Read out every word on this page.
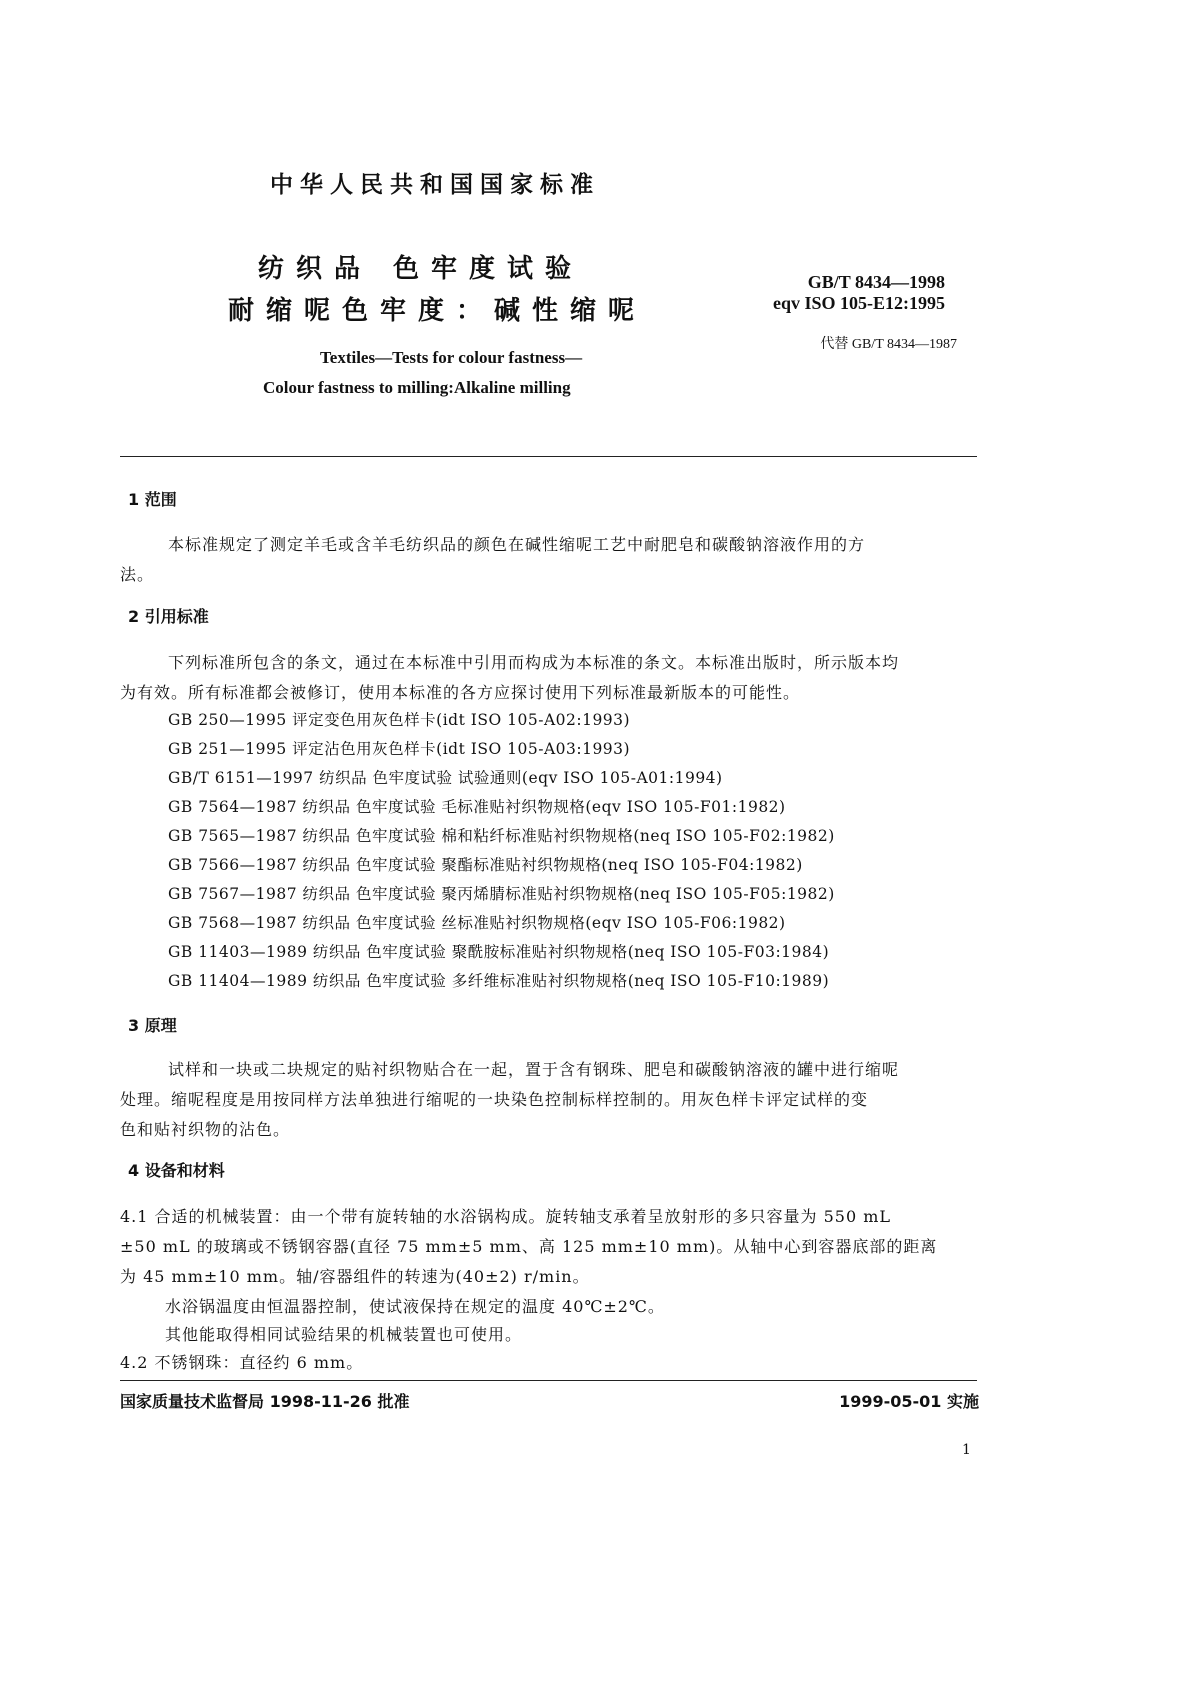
中华人民共和国国家标准
纺织品 色牢度试验
耐缩呢色牢度：碱性缩呢
GB/T 8434—1998
eqv ISO 105-E12:1995
代替 GB/T 8434—1987
Textiles—Tests for colour fastness—
Colour fastness to milling:Alkaline milling
1 范围
本标准规定了测定羊毛或含羊毛纺织品的颜色在碱性缩呢工艺中耐肥皂和碳酸钠溶液作用的方
法。
2 引用标准
下列标准所包含的条文，通过在本标准中引用而构成为本标准的条文。本标准出版时，所示版本均
为有效。所有标准都会被修订，使用本标准的各方应探讨使用下列标准最新版本的可能性。
GB 250—1995 评定变色用灰色样卡(idt ISO 105-A02:1993)
GB 251—1995 评定沾色用灰色样卡(idt ISO 105-A03:1993)
GB/T 6151—1997 纺织品 色牢度试验 试验通则(eqv ISO 105-A01:1994)
GB 7564—1987 纺织品 色牢度试验 毛标准贴衬织物规格(eqv ISO 105-F01:1982)
GB 7565—1987 纺织品 色牢度试验 棉和粘纤标准贴衬织物规格(neq ISO 105-F02:1982)
GB 7566—1987 纺织品 色牢度试验 聚酯标准贴衬织物规格(neq ISO 105-F04:1982)
GB 7567—1987 纺织品 色牢度试验 聚丙烯腈标准贴衬织物规格(neq ISO 105-F05:1982)
GB 7568—1987 纺织品 色牢度试验 丝标准贴衬织物规格(eqv ISO 105-F06:1982)
GB 11403—1989 纺织品 色牢度试验 聚酰胺标准贴衬织物规格(neq ISO 105-F03:1984)
GB 11404—1989 纺织品 色牢度试验 多纤维标准贴衬织物规格(neq ISO 105-F10:1989)
3 原理
试样和一块或二块规定的贴衬织物贴合在一起，置于含有钢珠、肥皂和碳酸钠溶液的罐中进行缩呢
处理。缩呢程度是用按同样方法单独进行缩呢的一块染色控制标样控制的。用灰色样卡评定试样的变
色和贴衬织物的沾色。
4 设备和材料
4.1 合适的机械装置：由一个带有旋转轴的水浴锅构成。旋转轴支承着呈放射形的多只容量为 550 mL
±50 mL 的玻璃或不锈钢容器(直径 75 mm±5 mm、高 125 mm±10 mm)。从轴中心到容器底部的距离
为 45 mm±10 mm。轴/容器组件的转速为(40±2) r/min。
水浴锅温度由恒温器控制，使试液保持在规定的温度 40℃±2℃。
其他能取得相同试验结果的机械装置也可使用。
4.2 不锈钢珠：直径约 6 mm。
国家质量技术监督局 1998-11-26 批准	1999-05-01 实施
1
